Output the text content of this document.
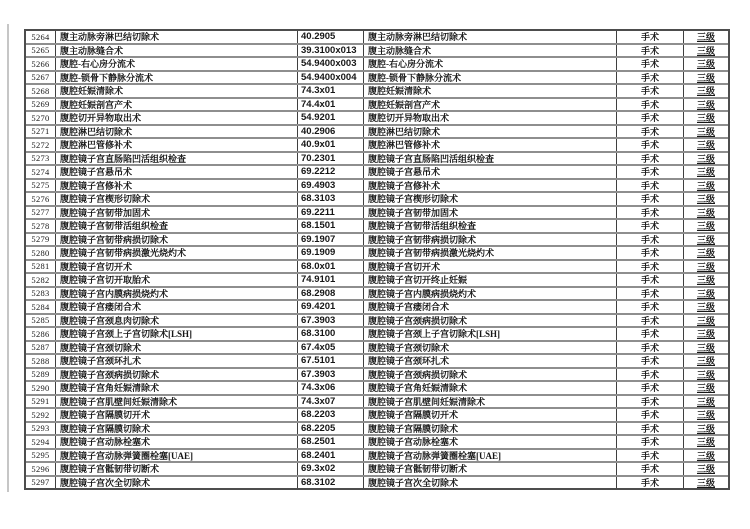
5264	腹主动脉旁淋巴结切除术	40.2905	腹主动脉旁淋巴结切除术	手术	三级
5265	腹主动脉缝合术	39.3100x013	腹主动脉缝合术	手术	三级
5266	腹腔-右心房分流术	54.9400x003	腹腔-右心房分流术	手术	三级
5267	腹腔-锁骨下静脉分流术	54.9400x004	腹腔-锁骨下静脉分流术	手术	三级
5268	腹腔妊娠清除术	74.3x01	腹腔妊娠清除术	手术	三级
5269	腹腔妊娠剖宫产术	74.4x01	腹腔妊娠剖宫产术	手术	三级
5270	腹腔切开异物取出术	54.9201	腹腔切开异物取出术	手术	三级
5271	腹腔淋巴结切除术	40.2906	腹腔淋巴结切除术	手术	三级
5272	腹腔淋巴管修补术	40.9x01	腹腔淋巴管修补术	手术	三级
5273	腹腔镜子宫直肠陷凹活组织检查	70.2301	腹腔镜子宫直肠陷凹活组织检查	手术	三级
5274	腹腔镜子宫悬吊术	69.2212	腹腔镜子宫悬吊术	手术	三级
5275	腹腔镜子宫修补术	69.4903	腹腔镜子宫修补术	手术	三级
5276	腹腔镜子宫楔形切除术	68.3103	腹腔镜子宫楔形切除术	手术	三级
5277	腹腔镜子宫韧带加固术	69.2211	腹腔镜子宫韧带加固术	手术	三级
5278	腹腔镜子宫韧带活组织检查	68.1501	腹腔镜子宫韧带活组织检查	手术	三级
5279	腹腔镜子宫韧带病损切除术	69.1907	腹腔镜子宫韧带病损切除术	手术	三级
5280	腹腔镜子宫韧带病损激光烧灼术	69.1909	腹腔镜子宫韧带病损激光烧灼术	手术	三级
5281	腹腔镜子宫切开术	68.0x01	腹腔镜子宫切开术	手术	三级
5282	腹腔镜子宫切开取胎术	74.9101	腹腔镜子宫切开终止妊娠	手术	三级
5283	腹腔镜子宫内膜病损烧灼术	68.2908	腹腔镜子宫内膜病损烧灼术	手术	三级
5284	腹腔镜子宫瘘闭合术	69.4201	腹腔镜子宫瘘闭合术	手术	三级
5285	腹腔镜子宫颈息肉切除术	67.3903	腹腔镜子宫颈病损切除术	手术	三级
5286	腹腔镜子宫颈上子宫切除术[LSH]	68.3100	腹腔镜子宫颈上子宫切除术[LSH]	手术	三级
5287	腹腔镜子宫颈切除术	67.4x05	腹腔镜子宫颈切除术	手术	三级
5288	腹腔镜子宫颈环扎术	67.5101	腹腔镜子宫颈环扎术	手术	三级
5289	腹腔镜子宫颈病损切除术	67.3903	腹腔镜子宫颈病损切除术	手术	三级
5290	腹腔镜子宫角妊娠清除术	74.3x06	腹腔镜子宫角妊娠清除术	手术	三级
5291	腹腔镜子宫肌壁间妊娠清除术	74.3x07	腹腔镜子宫肌壁间妊娠清除术	手术	三级
5292	腹腔镜子宫隔膜切开术	68.2203	腹腔镜子宫隔膜切开术	手术	三级
5293	腹腔镜子宫隔膜切除术	68.2205	腹腔镜子宫隔膜切除术	手术	三级
5294	腹腔镜子宫动脉栓塞术	68.2501	腹腔镜子宫动脉栓塞术	手术	三级
5295	腹腔镜子宫动脉弹簧圈栓塞[UAE]	68.2401	腹腔镜子宫动脉弹簧圈栓塞[UAE]	手术	三级
5296	腹腔镜子宫骶韧带切断术	69.3x02	腹腔镜子宫骶韧带切断术	手术	三级
5297	腹腔镜子宫次全切除术	68.3102	腹腔镜子宫次全切除术	手术	三级
